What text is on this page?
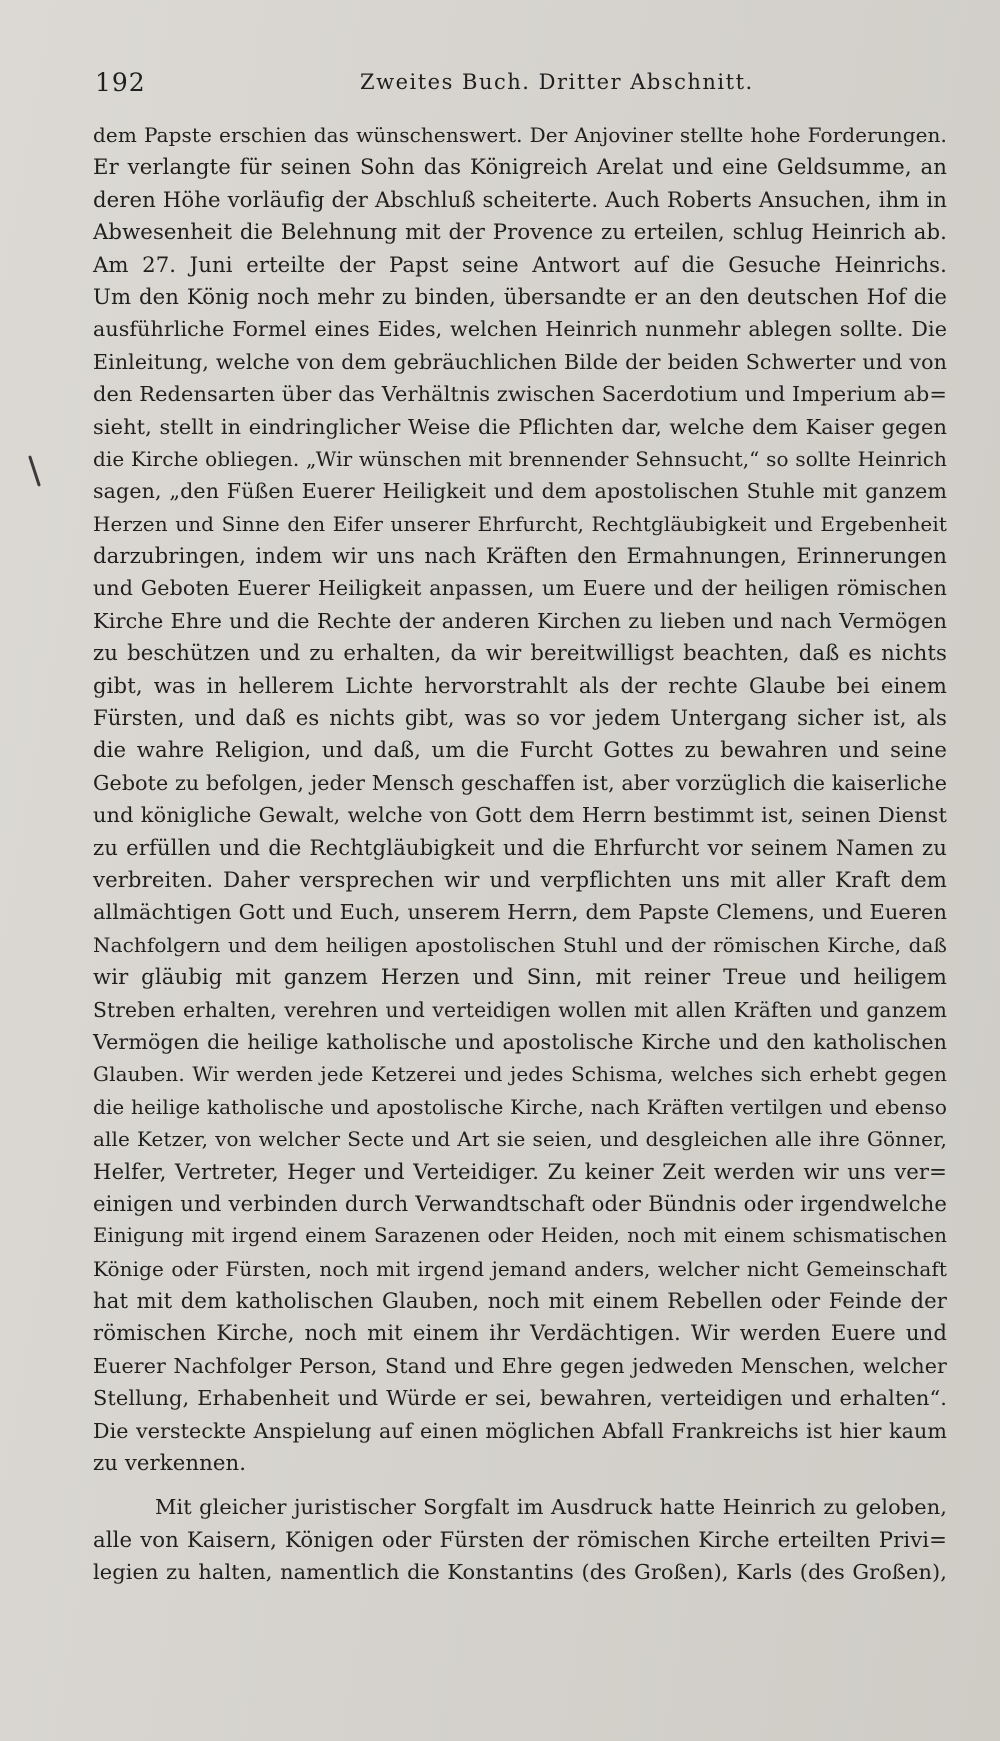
192	Zweites Buch. Dritter Abschnitt.
dem Papste erschien das wünschenswert. Der Anjoviner stellte hohe Forderungen.
Er verlangte für seinen Sohn das Königreich Arelat und eine Geldsumme, an
deren Höhe vorläufig der Abschluß scheiterte. Auch Roberts Ansuchen, ihm in
Abwesenheit die Belehnung mit der Provence zu erteilen, schlug Heinrich ab.
Am 27. Juni erteilte der Papst seine Antwort auf die Gesuche Heinrichs.
Um den König noch mehr zu binden, übersandte er an den deutschen Hof die
ausführliche Formel eines Eides, welchen Heinrich nunmehr ablegen sollte. Die
Einleitung, welche von dem gebräuchlichen Bilde der beiden Schwerter und von
den Redensarten über das Verhältnis zwischen Sacerdotium und Imperium ab=
sieht, stellt in eindringlicher Weise die Pflichten dar, welche dem Kaiser gegen
die Kirche obliegen. „Wir wünschen mit brennender Sehnsucht,“ so sollte Heinrich
sagen, „den Füßen Euerer Heiligkeit und dem apostolischen Stuhle mit ganzem
Herzen und Sinne den Eifer unserer Ehrfurcht, Rechtgläubigkeit und Ergebenheit
darzubringen, indem wir uns nach Kräften den Ermahnungen, Erinnerungen
und Geboten Euerer Heiligkeit anpassen, um Euere und der heiligen römischen
Kirche Ehre und die Rechte der anderen Kirchen zu lieben und nach Vermögen
zu beschützen und zu erhalten, da wir bereitwilligst beachten, daß es nichts
gibt, was in hellerem Lichte hervorstrahlt als der rechte Glaube bei einem
Fürsten, und daß es nichts gibt, was so vor jedem Untergang sicher ist, als
die wahre Religion, und daß, um die Furcht Gottes zu bewahren und seine
Gebote zu befolgen, jeder Mensch geschaffen ist, aber vorzüglich die kaiserliche
und königliche Gewalt, welche von Gott dem Herrn bestimmt ist, seinen Dienst
zu erfüllen und die Rechtgläubigkeit und die Ehrfurcht vor seinem Namen zu
verbreiten. Daher versprechen wir und verpflichten uns mit aller Kraft dem
allmächtigen Gott und Euch, unserem Herrn, dem Papste Clemens, und Eueren
Nachfolgern und dem heiligen apostolischen Stuhl und der römischen Kirche, daß
wir gläubig mit ganzem Herzen und Sinn, mit reiner Treue und heiligem
Streben erhalten, verehren und verteidigen wollen mit allen Kräften und ganzem
Vermögen die heilige katholische und apostolische Kirche und den katholischen
Glauben. Wir werden jede Ketzerei und jedes Schisma, welches sich erhebt gegen
die heilige katholische und apostolische Kirche, nach Kräften vertilgen und ebenso
alle Ketzer, von welcher Secte und Art sie seien, und desgleichen alle ihre Gönner,
Helfer, Vertreter, Heger und Verteidiger. Zu keiner Zeit werden wir uns ver=
einigen und verbinden durch Verwandtschaft oder Bündnis oder irgendwelche
Einigung mit irgend einem Sarazenen oder Heiden, noch mit einem schismatischen
Könige oder Fürsten, noch mit irgend jemand anders, welcher nicht Gemeinschaft
hat mit dem katholischen Glauben, noch mit einem Rebellen oder Feinde der
römischen Kirche, noch mit einem ihr Verdächtigen. Wir werden Euere und
Euerer Nachfolger Person, Stand und Ehre gegen jedweden Menschen, welcher
Stellung, Erhabenheit und Würde er sei, bewahren, verteidigen und erhalten“.
Die versteckte Anspielung auf einen möglichen Abfall Frankreichs ist hier kaum
zu verkennen.
Mit gleicher juristischer Sorgfalt im Ausdruck hatte Heinrich zu geloben,
alle von Kaisern, Königen oder Fürsten der römischen Kirche erteilten Privi=
legien zu halten, namentlich die Konstantins (des Großen), Karls (des Großen),
